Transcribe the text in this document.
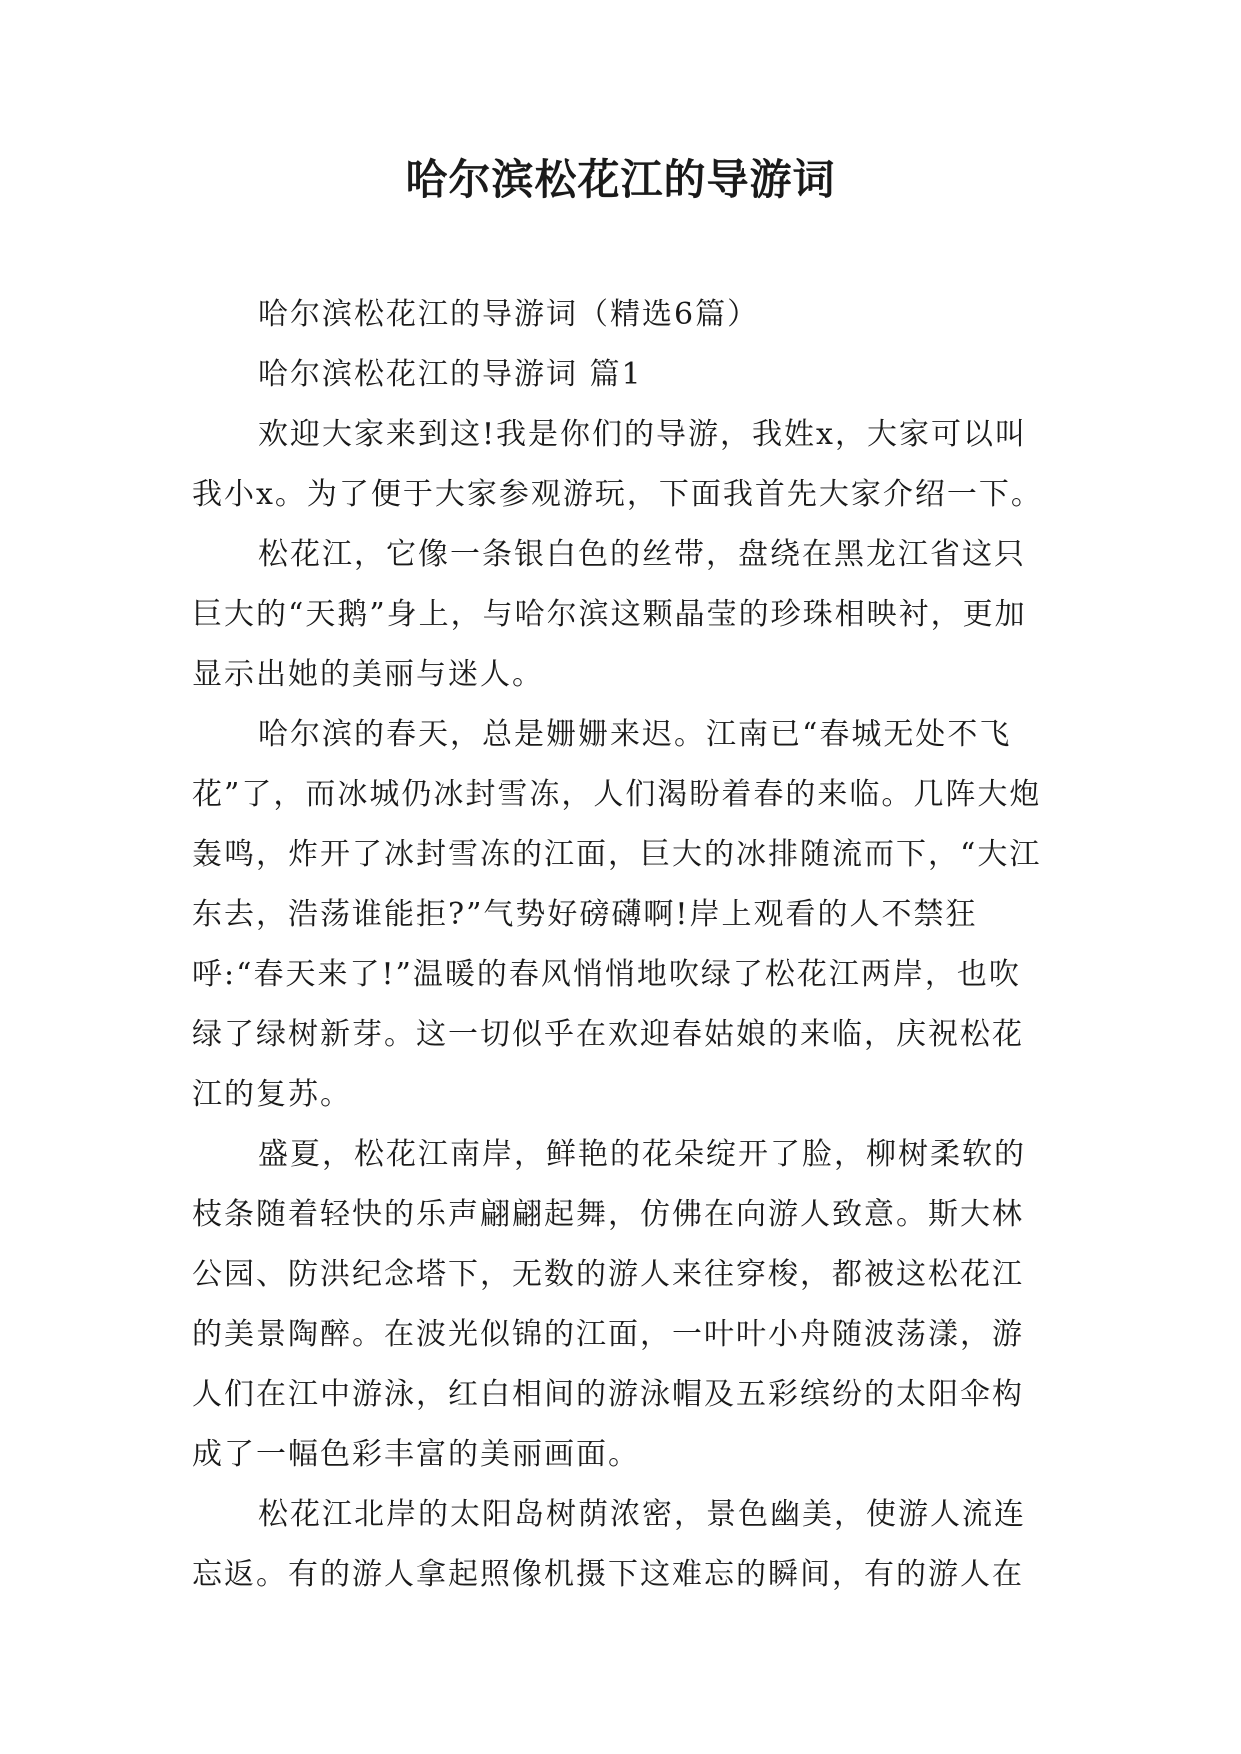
哈尔滨松花江的导游词

哈尔滨松花江的导游词（精选6篇）

哈尔滨松花江的导游词 篇1

欢迎大家来到这!我是你们的导游，我姓x，大家可以叫我小x。为了便于大家参观游玩，下面我首先大家介绍一下。

松花江，它像一条银白色的丝带，盘绕在黑龙江省这只巨大的“天鹅”身上，与哈尔滨这颗晶莹的珍珠相映衬，更加显示出她的美丽与迷人。

哈尔滨的春天，总是姗姗来迟。江南已“春城无处不飞花”了，而冰城仍冰封雪冻，人们渴盼着春的来临。几阵大炮轰鸣，炸开了冰封雪冻的江面，巨大的冰排随流而下，“大江东去，浩荡谁能拒?”气势好磅礴啊!岸上观看的人不禁狂呼:“春天来了!”温暖的春风悄悄地吹绿了松花江两岸，也吹绿了绿树新芽。这一切似乎在欢迎春姑娘的来临，庆祝松花江的复苏。

盛夏，松花江南岸，鲜艳的花朵绽开了脸，柳树柔软的枝条随着轻快的乐声翩翩起舞，仿佛在向游人致意。斯大林公园、防洪纪念塔下，无数的游人来往穿梭，都被这松花江的美景陶醉。在波光似锦的江面，一叶叶小舟随波荡漾，游人们在江中游泳，红白相间的游泳帽及五彩缤纷的太阳伞构成了一幅色彩丰富的美丽画面。

松花江北岸的太阳岛树荫浓密，景色幽美，使游人流连忘返。有的游人拿起照像机摄下这难忘的瞬间，有的游人在
